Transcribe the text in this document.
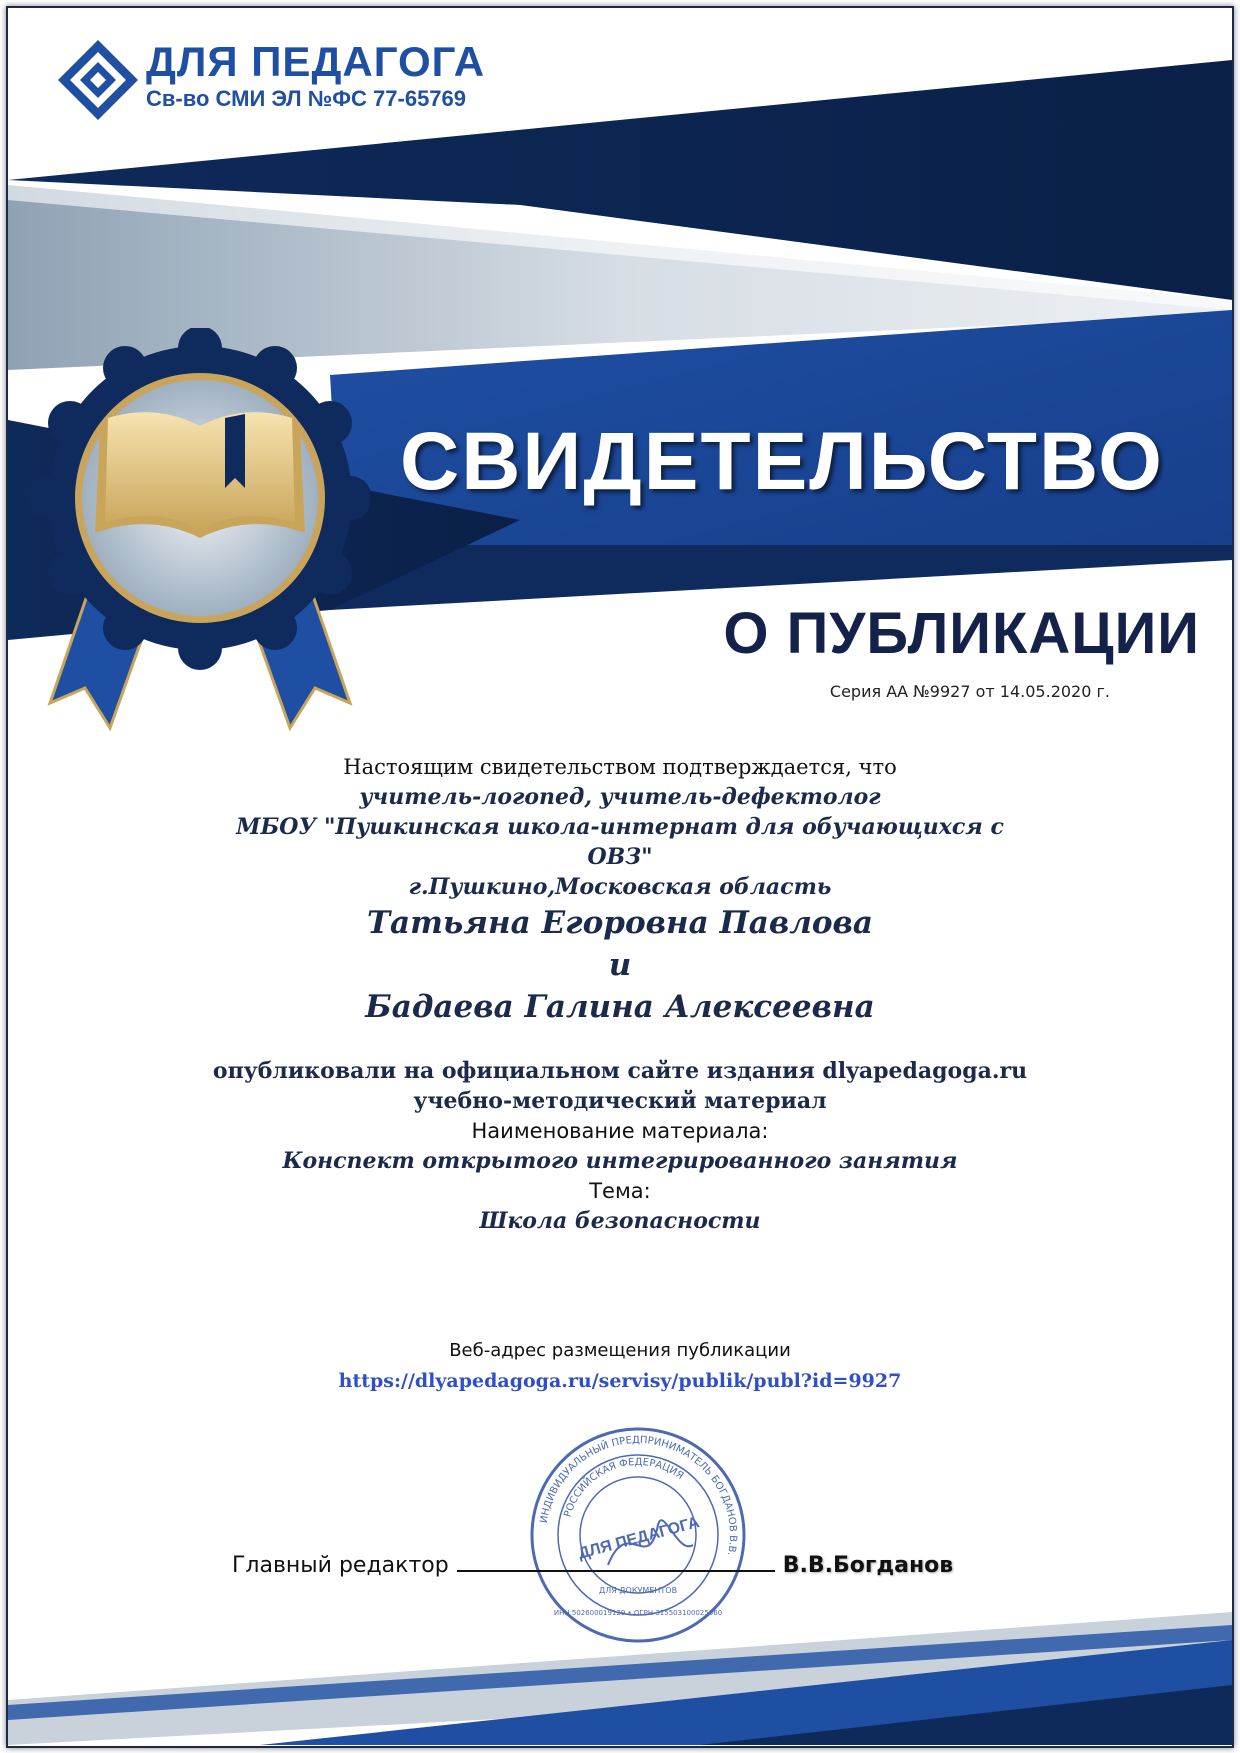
ДЛЯ ПЕДАГОГА
Св-во СМИ ЭЛ №ФС 77-65769
СВИДЕТЕЛЬСТВО
О ПУБЛИКАЦИИ
Серия АА №9927 от 14.05.2020 г.
Настоящим свидетельством подтверждается, что
учитель-логопед, учитель-дефектолог
МБОУ "Пушкинская школа-интернат для обучающихся с
ОВЗ"
г.Пушкино,Московская область
Татьяна Егоровна Павлова
и
Бадаева Галина Алексеевна
опубликовали на официальном сайте издания dlyapedagoga.ru
учебно-методический материал
Наименование материала:
Конспект открытого интегрированного занятия
Тема:
Школа безопасности
Веб-адрес размещения публикации
https://dlyapedagoga.ru/servisy/publik/publ?id=9927
ИНДИВИДУАЛЬНЫЙ ПРЕДПРИНИМАТЕЛЬ БОГДАНОВ В.В.
РОССИЙСКАЯ ФЕДЕРАЦИЯ
ДЛЯ ПЕДАГОГА
ДЛЯ ДОКУМЕНТОВ
ИНН 502600019129 • ОГРН 315503100025060
Главный редактор	В.В.Богданов
